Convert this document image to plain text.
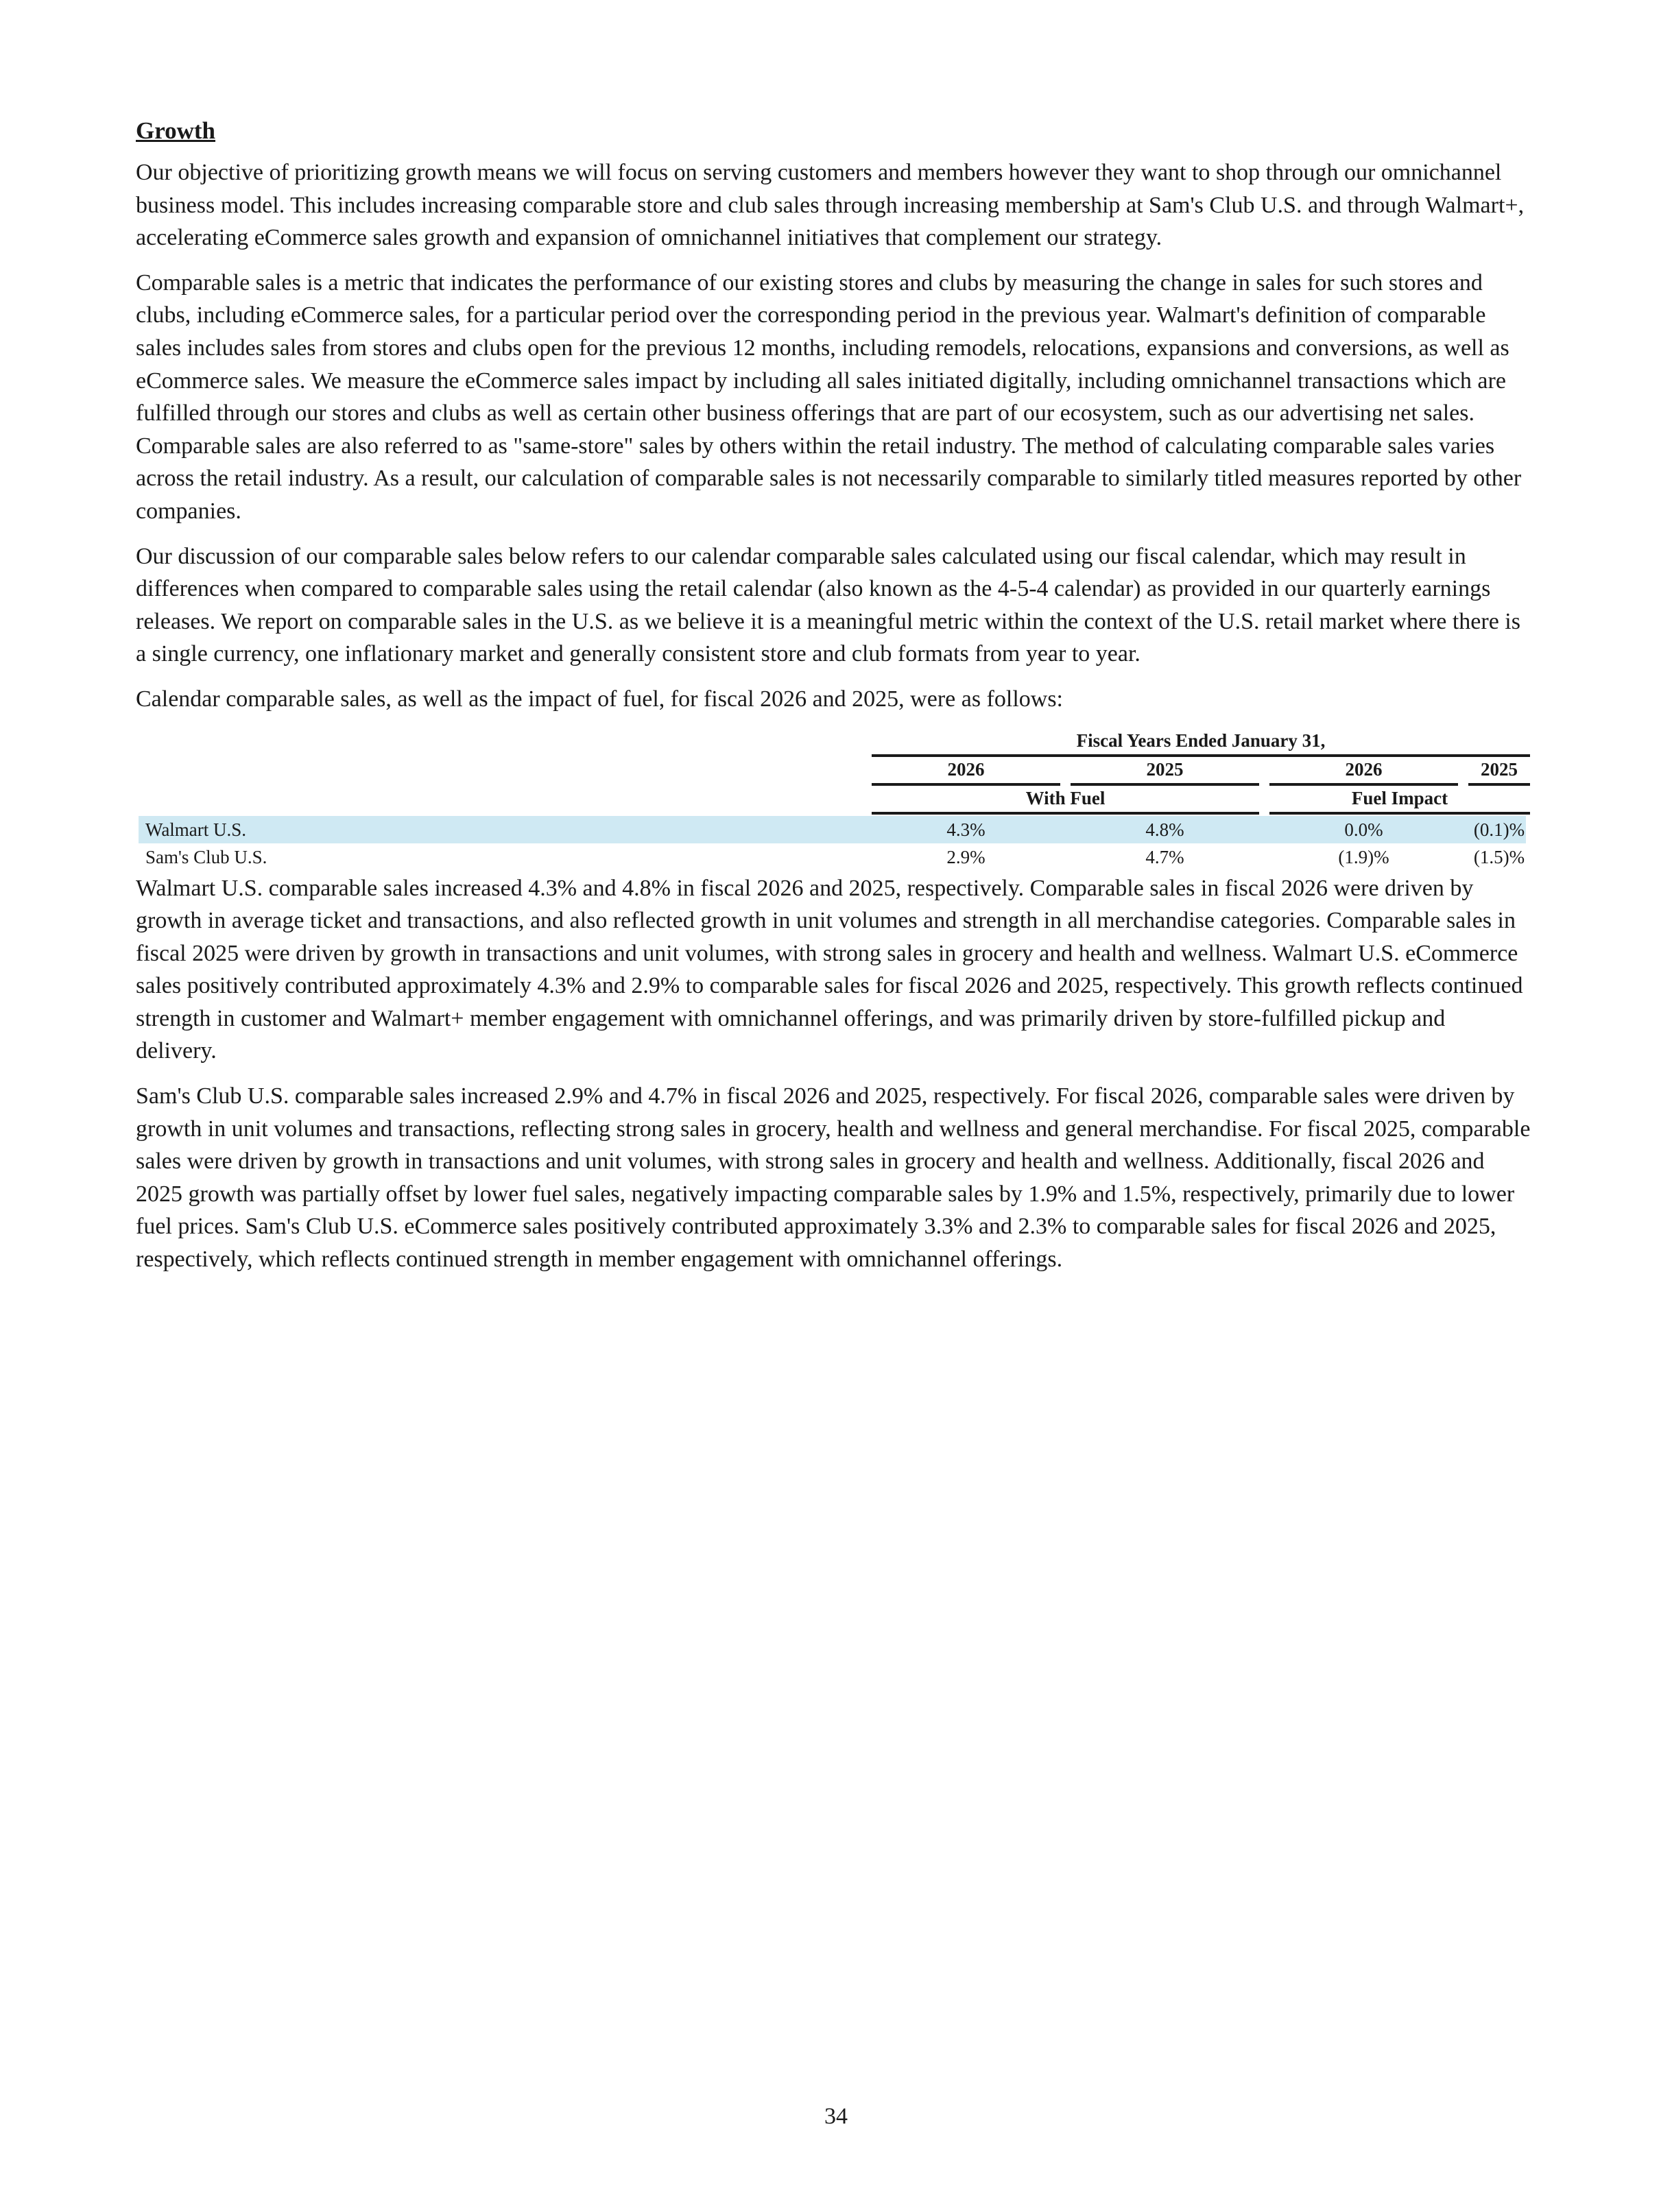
Growth

Our objective of prioritizing growth means we will focus on serving customers and members however they want to shop through our omnichannel business model. This includes increasing comparable store and club sales through increasing membership at Sam's Club U.S. and through Walmart+, accelerating eCommerce sales growth and expansion of omnichannel initiatives that complement our strategy.

Comparable sales is a metric that indicates the performance of our existing stores and clubs by measuring the change in sales for such stores and clubs, including eCommerce sales, for a particular period over the corresponding period in the previous year. Walmart's definition of comparable sales includes sales from stores and clubs open for the previous 12 months, including remodels, relocations, expansions and conversions, as well as eCommerce sales. We measure the eCommerce sales impact by including all sales initiated digitally, including omnichannel transactions which are fulfilled through our stores and clubs as well as certain other business offerings that are part of our ecosystem, such as our advertising net sales. Comparable sales are also referred to as "same-store" sales by others within the retail industry. The method of calculating comparable sales varies across the retail industry. As a result, our calculation of comparable sales is not necessarily comparable to similarly titled measures reported by other companies.

Our discussion of our comparable sales below refers to our calendar comparable sales calculated using our fiscal calendar, which may result in differences when compared to comparable sales using the retail calendar (also known as the 4-5-4 calendar) as provided in our quarterly earnings releases. We report on comparable sales in the U.S. as we believe it is a meaningful metric within the context of the U.S. retail market where there is a single currency, one inflationary market and generally consistent store and club formats from year to year.

Calendar comparable sales, as well as the impact of fuel, for fiscal 2026 and 2025, were as follows:

Fiscal Years Ended January 31,
2026	2025	2026	2025
With Fuel	Fuel Impact
Walmart U.S.	4.3%	4.8%	0.0%	(0.1)%
Sam's Club U.S.	2.9%	4.7%	(1.9)%	(1.5)%

Walmart U.S. comparable sales increased 4.3% and 4.8% in fiscal 2026 and 2025, respectively. Comparable sales in fiscal 2026 were driven by growth in average ticket and transactions, and also reflected growth in unit volumes and strength in all merchandise categories. Comparable sales in fiscal 2025 were driven by growth in transactions and unit volumes, with strong sales in grocery and health and wellness. Walmart U.S. eCommerce sales positively contributed approximately 4.3% and 2.9% to comparable sales for fiscal 2026 and 2025, respectively. This growth reflects continued strength in customer and Walmart+ member engagement with omnichannel offerings, and was primarily driven by store-fulfilled pickup and delivery.

Sam's Club U.S. comparable sales increased 2.9% and 4.7% in fiscal 2026 and 2025, respectively. For fiscal 2026, comparable sales were driven by growth in unit volumes and transactions, reflecting strong sales in grocery, health and wellness and general merchandise. For fiscal 2025, comparable sales were driven by growth in transactions and unit volumes, with strong sales in grocery and health and wellness. Additionally, fiscal 2026 and 2025 growth was partially offset by lower fuel sales, negatively impacting comparable sales by 1.9% and 1.5%, respectively, primarily due to lower fuel prices. Sam's Club U.S. eCommerce sales positively contributed approximately 3.3% and 2.3% to comparable sales for fiscal 2026 and 2025, respectively, which reflects continued strength in member engagement with omnichannel offerings.

34
